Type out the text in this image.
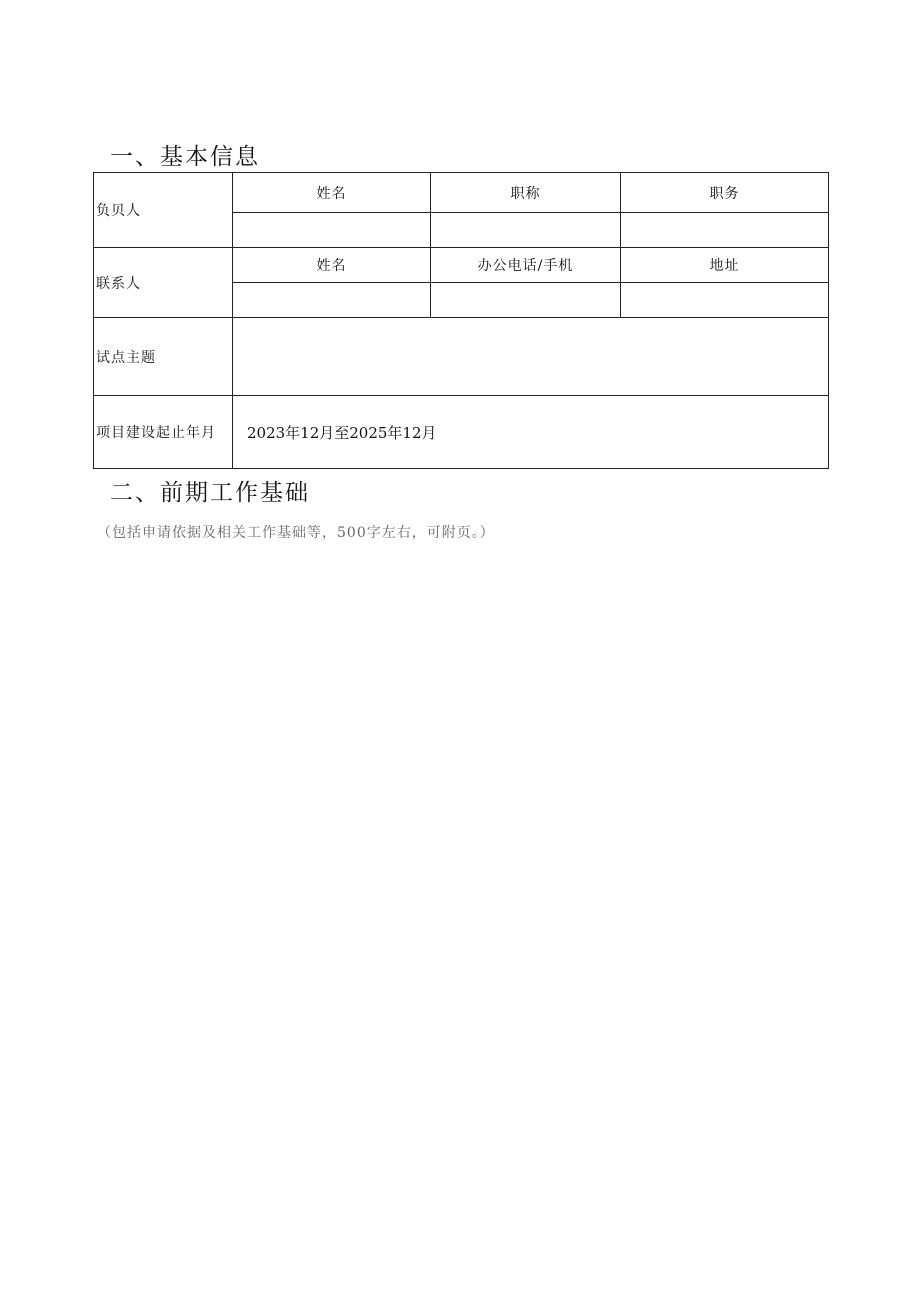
一、基本信息
负贝人	姓名	职称	职务

联系人	姓名	办公电话/手机	地址

试点主题			
项目建设起止年月	2023年12月至2025年12月		
二、前期工作基础

（包括申请依据及相关工作基础等，500字左右，可附页。）
